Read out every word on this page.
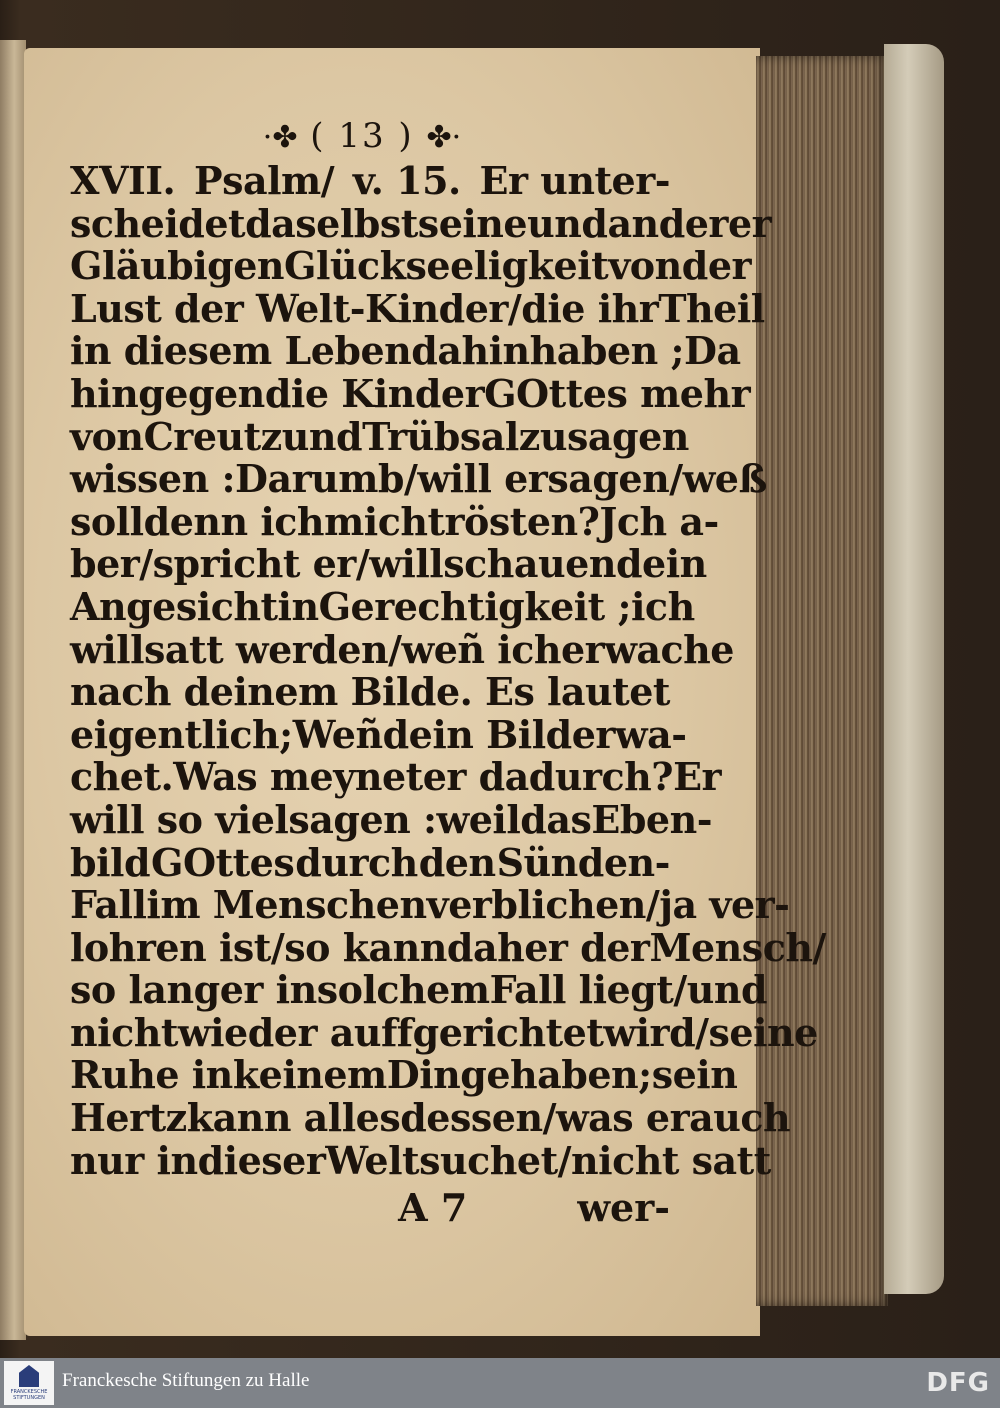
·✤ ( 13 ) ✤·
XVII. Psalm/ v. 15. Er unter-
scheidet daselbst seine und anderer
Gläubigen Glückseeligkeit von der
Lust der Welt-Kinder/ die ihr Theil
in diesem Leben dahin haben ; Da
hingegen die Kinder GOttes mehr
von Creutz und Trübsal zusagen
wissen : Darumb/will er sagen/weß
soll denn ich mich trösten? Jch a-
ber/ spricht er/ will schauen dein
Angesicht in Gerechtigkeit ; ich
will satt werden/ weñ ich erwache
nach deinem Bilde. Es lautet
eigentlich; Weñ dein Bild erwa-
chet. Was meynet er dadurch? Er
will so viel sagen : weil das Eben-
bild GOttes durch den Sünden-
Fall im Menschen verblichen/ ja ver-
lohren ist/ so kann daher der Mensch/
so lang er in solchem Fall liegt/ und
nicht wieder auffgerichtet wird/seine
Ruhe in keinem Dinge haben; sein
Hertz kann alles dessen/ was er auch
nur in dieser Welt suchet/ nicht satt
A 7	wer-
FRANCKESCHE STIFTUNGEN
Franckesche Stiftungen zu Halle	DFG
